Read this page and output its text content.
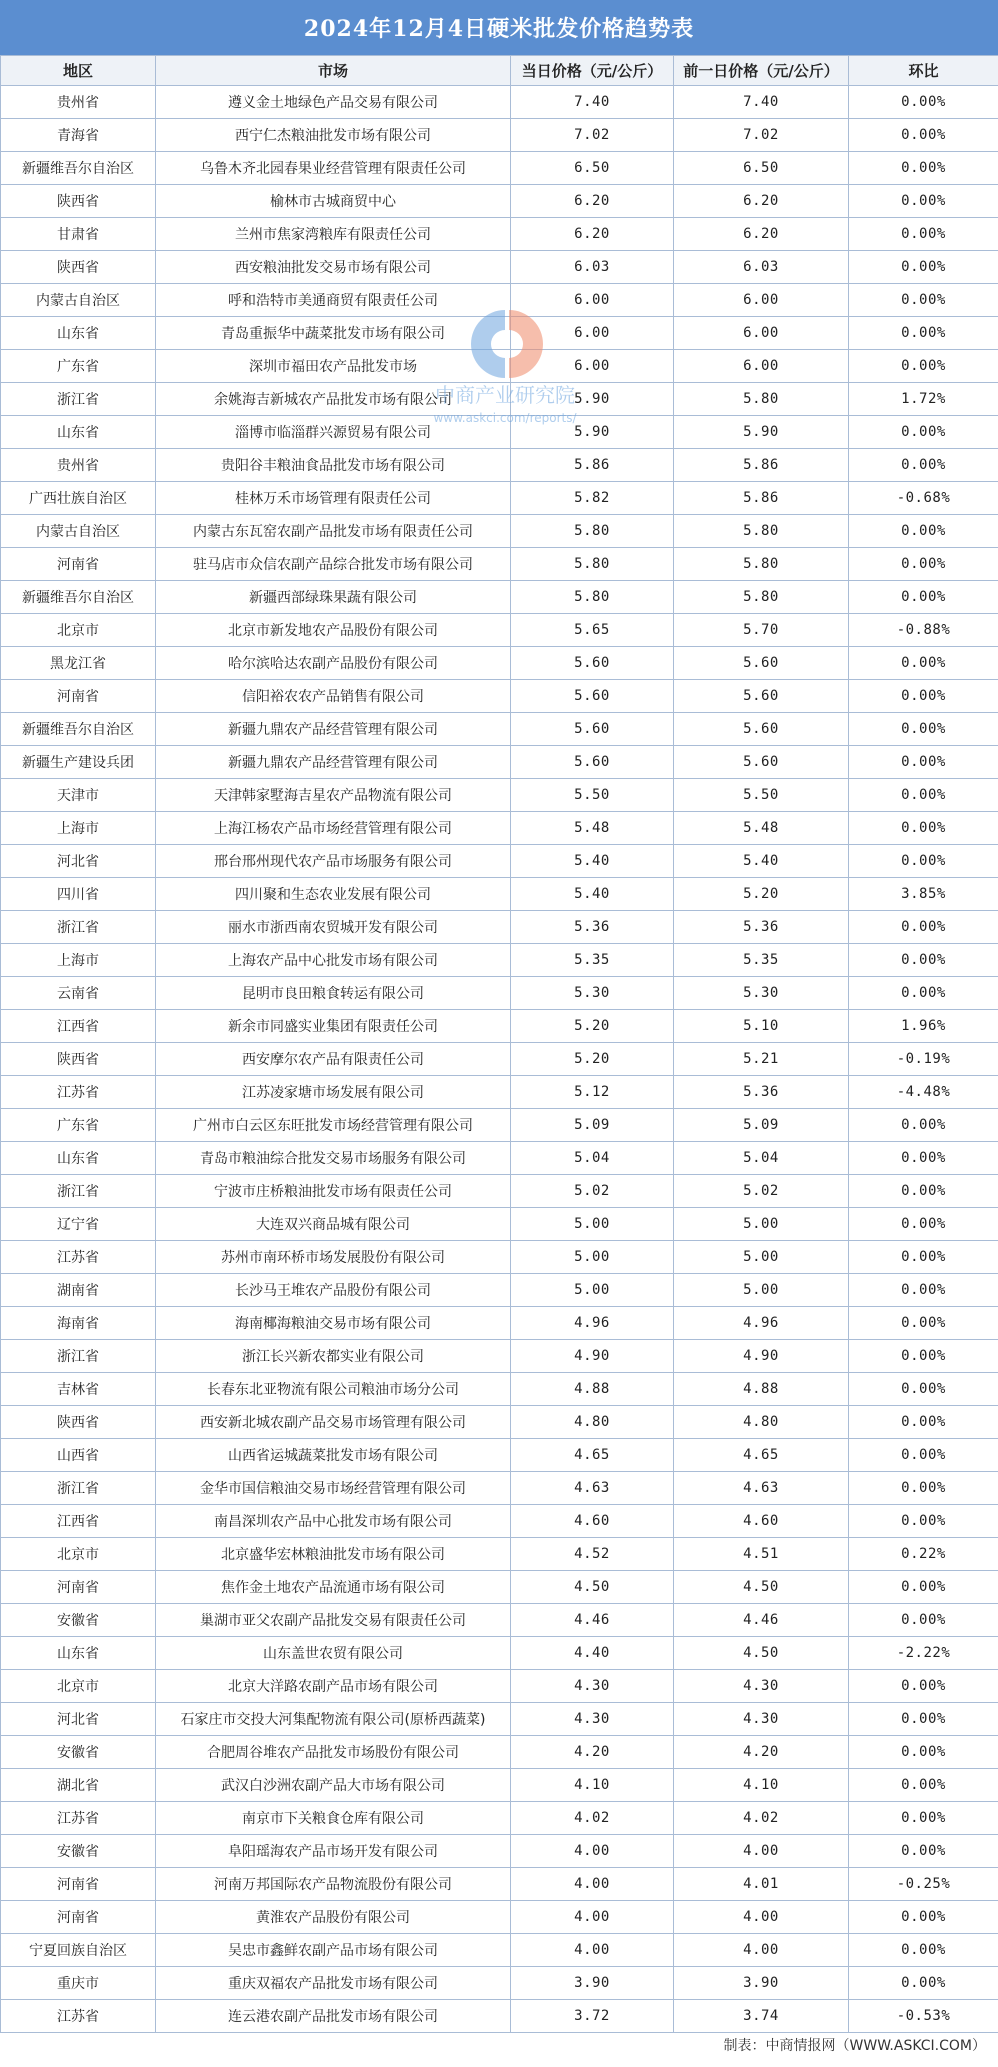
2024年12月4日硬米批发价格趋势表
地区	市场	当日价格（元/公斤）	前一日价格（元/公斤）	环比
贵州省	遵义金土地绿色产品交易有限公司	7.40	7.40	0.00%
青海省	西宁仁杰粮油批发市场有限公司	7.02	7.02	0.00%
新疆维吾尔自治区	乌鲁木齐北园春果业经营管理有限责任公司	6.50	6.50	0.00%
陕西省	榆林市古城商贸中心	6.20	6.20	0.00%
甘肃省	兰州市焦家湾粮库有限责任公司	6.20	6.20	0.00%
陕西省	西安粮油批发交易市场有限公司	6.03	6.03	0.00%
内蒙古自治区	呼和浩特市美通商贸有限责任公司	6.00	6.00	0.00%
山东省	青岛重振华中蔬菜批发市场有限公司	6.00	6.00	0.00%
广东省	深圳市福田农产品批发市场	6.00	6.00	0.00%
浙江省	余姚海吉新城农产品批发市场有限公司	5.90	5.80	1.72%
山东省	淄博市临淄群兴源贸易有限公司	5.90	5.90	0.00%
贵州省	贵阳谷丰粮油食品批发市场有限公司	5.86	5.86	0.00%
广西壮族自治区	桂林万禾市场管理有限责任公司	5.82	5.86	-0.68%
内蒙古自治区	内蒙古东瓦窑农副产品批发市场有限责任公司	5.80	5.80	0.00%
河南省	驻马店市众信农副产品综合批发市场有限公司	5.80	5.80	0.00%
新疆维吾尔自治区	新疆西部绿珠果蔬有限公司	5.80	5.80	0.00%
北京市	北京市新发地农产品股份有限公司	5.65	5.70	-0.88%
黑龙江省	哈尔滨哈达农副产品股份有限公司	5.60	5.60	0.00%
河南省	信阳裕农农产品销售有限公司	5.60	5.60	0.00%
新疆维吾尔自治区	新疆九鼎农产品经营管理有限公司	5.60	5.60	0.00%
新疆生产建设兵团	新疆九鼎农产品经营管理有限公司	5.60	5.60	0.00%
天津市	天津韩家墅海吉星农产品物流有限公司	5.50	5.50	0.00%
上海市	上海江杨农产品市场经营管理有限公司	5.48	5.48	0.00%
河北省	邢台邢州现代农产品市场服务有限公司	5.40	5.40	0.00%
四川省	四川聚和生态农业发展有限公司	5.40	5.20	3.85%
浙江省	丽水市浙西南农贸城开发有限公司	5.36	5.36	0.00%
上海市	上海农产品中心批发市场有限公司	5.35	5.35	0.00%
云南省	昆明市良田粮食转运有限公司	5.30	5.30	0.00%
江西省	新余市同盛实业集团有限责任公司	5.20	5.10	1.96%
陕西省	西安摩尔农产品有限责任公司	5.20	5.21	-0.19%
江苏省	江苏凌家塘市场发展有限公司	5.12	5.36	-4.48%
广东省	广州市白云区东旺批发市场经营管理有限公司	5.09	5.09	0.00%
山东省	青岛市粮油综合批发交易市场服务有限公司	5.04	5.04	0.00%
浙江省	宁波市庄桥粮油批发市场有限责任公司	5.02	5.02	0.00%
辽宁省	大连双兴商品城有限公司	5.00	5.00	0.00%
江苏省	苏州市南环桥市场发展股份有限公司	5.00	5.00	0.00%
湖南省	长沙马王堆农产品股份有限公司	5.00	5.00	0.00%
海南省	海南椰海粮油交易市场有限公司	4.96	4.96	0.00%
浙江省	浙江长兴新农都实业有限公司	4.90	4.90	0.00%
吉林省	长春东北亚物流有限公司粮油市场分公司	4.88	4.88	0.00%
陕西省	西安新北城农副产品交易市场管理有限公司	4.80	4.80	0.00%
山西省	山西省运城蔬菜批发市场有限公司	4.65	4.65	0.00%
浙江省	金华市国信粮油交易市场经营管理有限公司	4.63	4.63	0.00%
江西省	南昌深圳农产品中心批发市场有限公司	4.60	4.60	0.00%
北京市	北京盛华宏林粮油批发市场有限公司	4.52	4.51	0.22%
河南省	焦作金土地农产品流通市场有限公司	4.50	4.50	0.00%
安徽省	巢湖市亚父农副产品批发交易有限责任公司	4.46	4.46	0.00%
山东省	山东盖世农贸有限公司	4.40	4.50	-2.22%
北京市	北京大洋路农副产品市场有限公司	4.30	4.30	0.00%
河北省	石家庄市交投大河集配物流有限公司(原桥西蔬菜)	4.30	4.30	0.00%
安徽省	合肥周谷堆农产品批发市场股份有限公司	4.20	4.20	0.00%
湖北省	武汉白沙洲农副产品大市场有限公司	4.10	4.10	0.00%
江苏省	南京市下关粮食仓库有限公司	4.02	4.02	0.00%
安徽省	阜阳瑶海农产品市场开发有限公司	4.00	4.00	0.00%
河南省	河南万邦国际农产品物流股份有限公司	4.00	4.01	-0.25%
河南省	黄淮农产品股份有限公司	4.00	4.00	0.00%
宁夏回族自治区	吴忠市鑫鲜农副产品市场有限公司	4.00	4.00	0.00%
重庆市	重庆双福农产品批发市场有限公司	3.90	3.90	0.00%
江苏省	连云港农副产品批发市场有限公司	3.72	3.74	-0.53%
中商产业研究院
www.askci.com/reports/
制表：中商情报网（WWW.ASKCI.COM）
